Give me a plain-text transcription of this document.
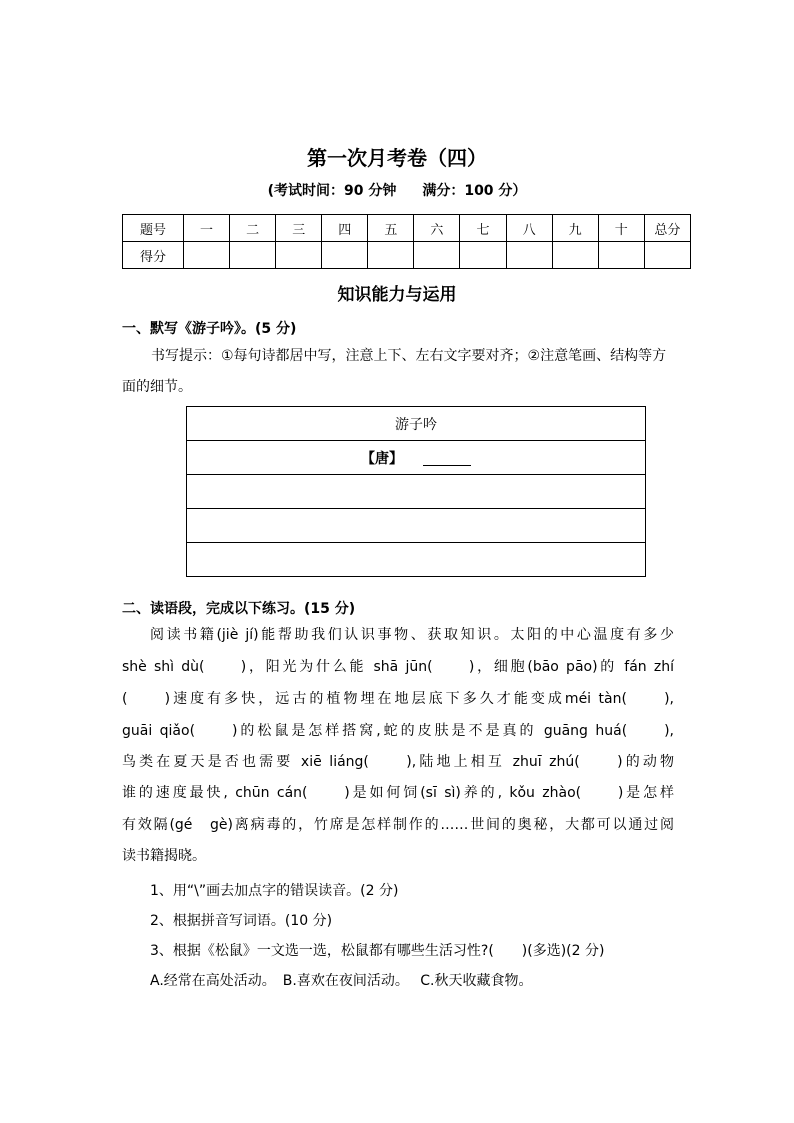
第一次月考卷（四）
(考试时间：90 分钟 满分：100 分）
题号	一	二	三	四	五	六	七	八	九	十	总分
得分											
知识能力与运用
一、默写《游子吟》。(5 分)
书写提示：①每句诗都居中写，注意上下、左右文字要对齐；②注意笔画、结构等方面的细节。
游子吟
【唐】

二、读语段，完成以下练习。(15 分)
阅读书籍(jiè jí)能帮助我们认识事物、获取知识。太阳的中心温度有多少
shè shì dù(　　)，阳光为什么能 shā jūn(　　)，细胞(bāo pāo)的 fán zhí
(　　)速度有多快，远古的植物埋在地层底下多久才能变成méi tàn(　　),
guāi qiǎo(　　)的松鼠是怎样搭窝,蛇的皮肤是不是真的 guāng huá(　　),
鸟类在夏天是否也需要 xiē liáng(　　),陆地上相互 zhuī zhú(　　)的动物
谁的速度最快, chūn cán(　　)是如何饲(sī sì)养的, kǒu zhào(　　)是怎样
有效隔(gé　gè)离病毒的，竹席是怎样制作的……世间的奥秘，大都可以通过阅
读书籍揭晓。
1、用“\”画去加点字的错误读音。(2 分)
2、根据拼音写词语。(10 分)
3、根据《松鼠》一文选一选，松鼠都有哪些生活习性?(　　)(多选)(2 分)
A.经常在高处活动。　B.喜欢在夜间活动。　 C.秋天收藏食物。
